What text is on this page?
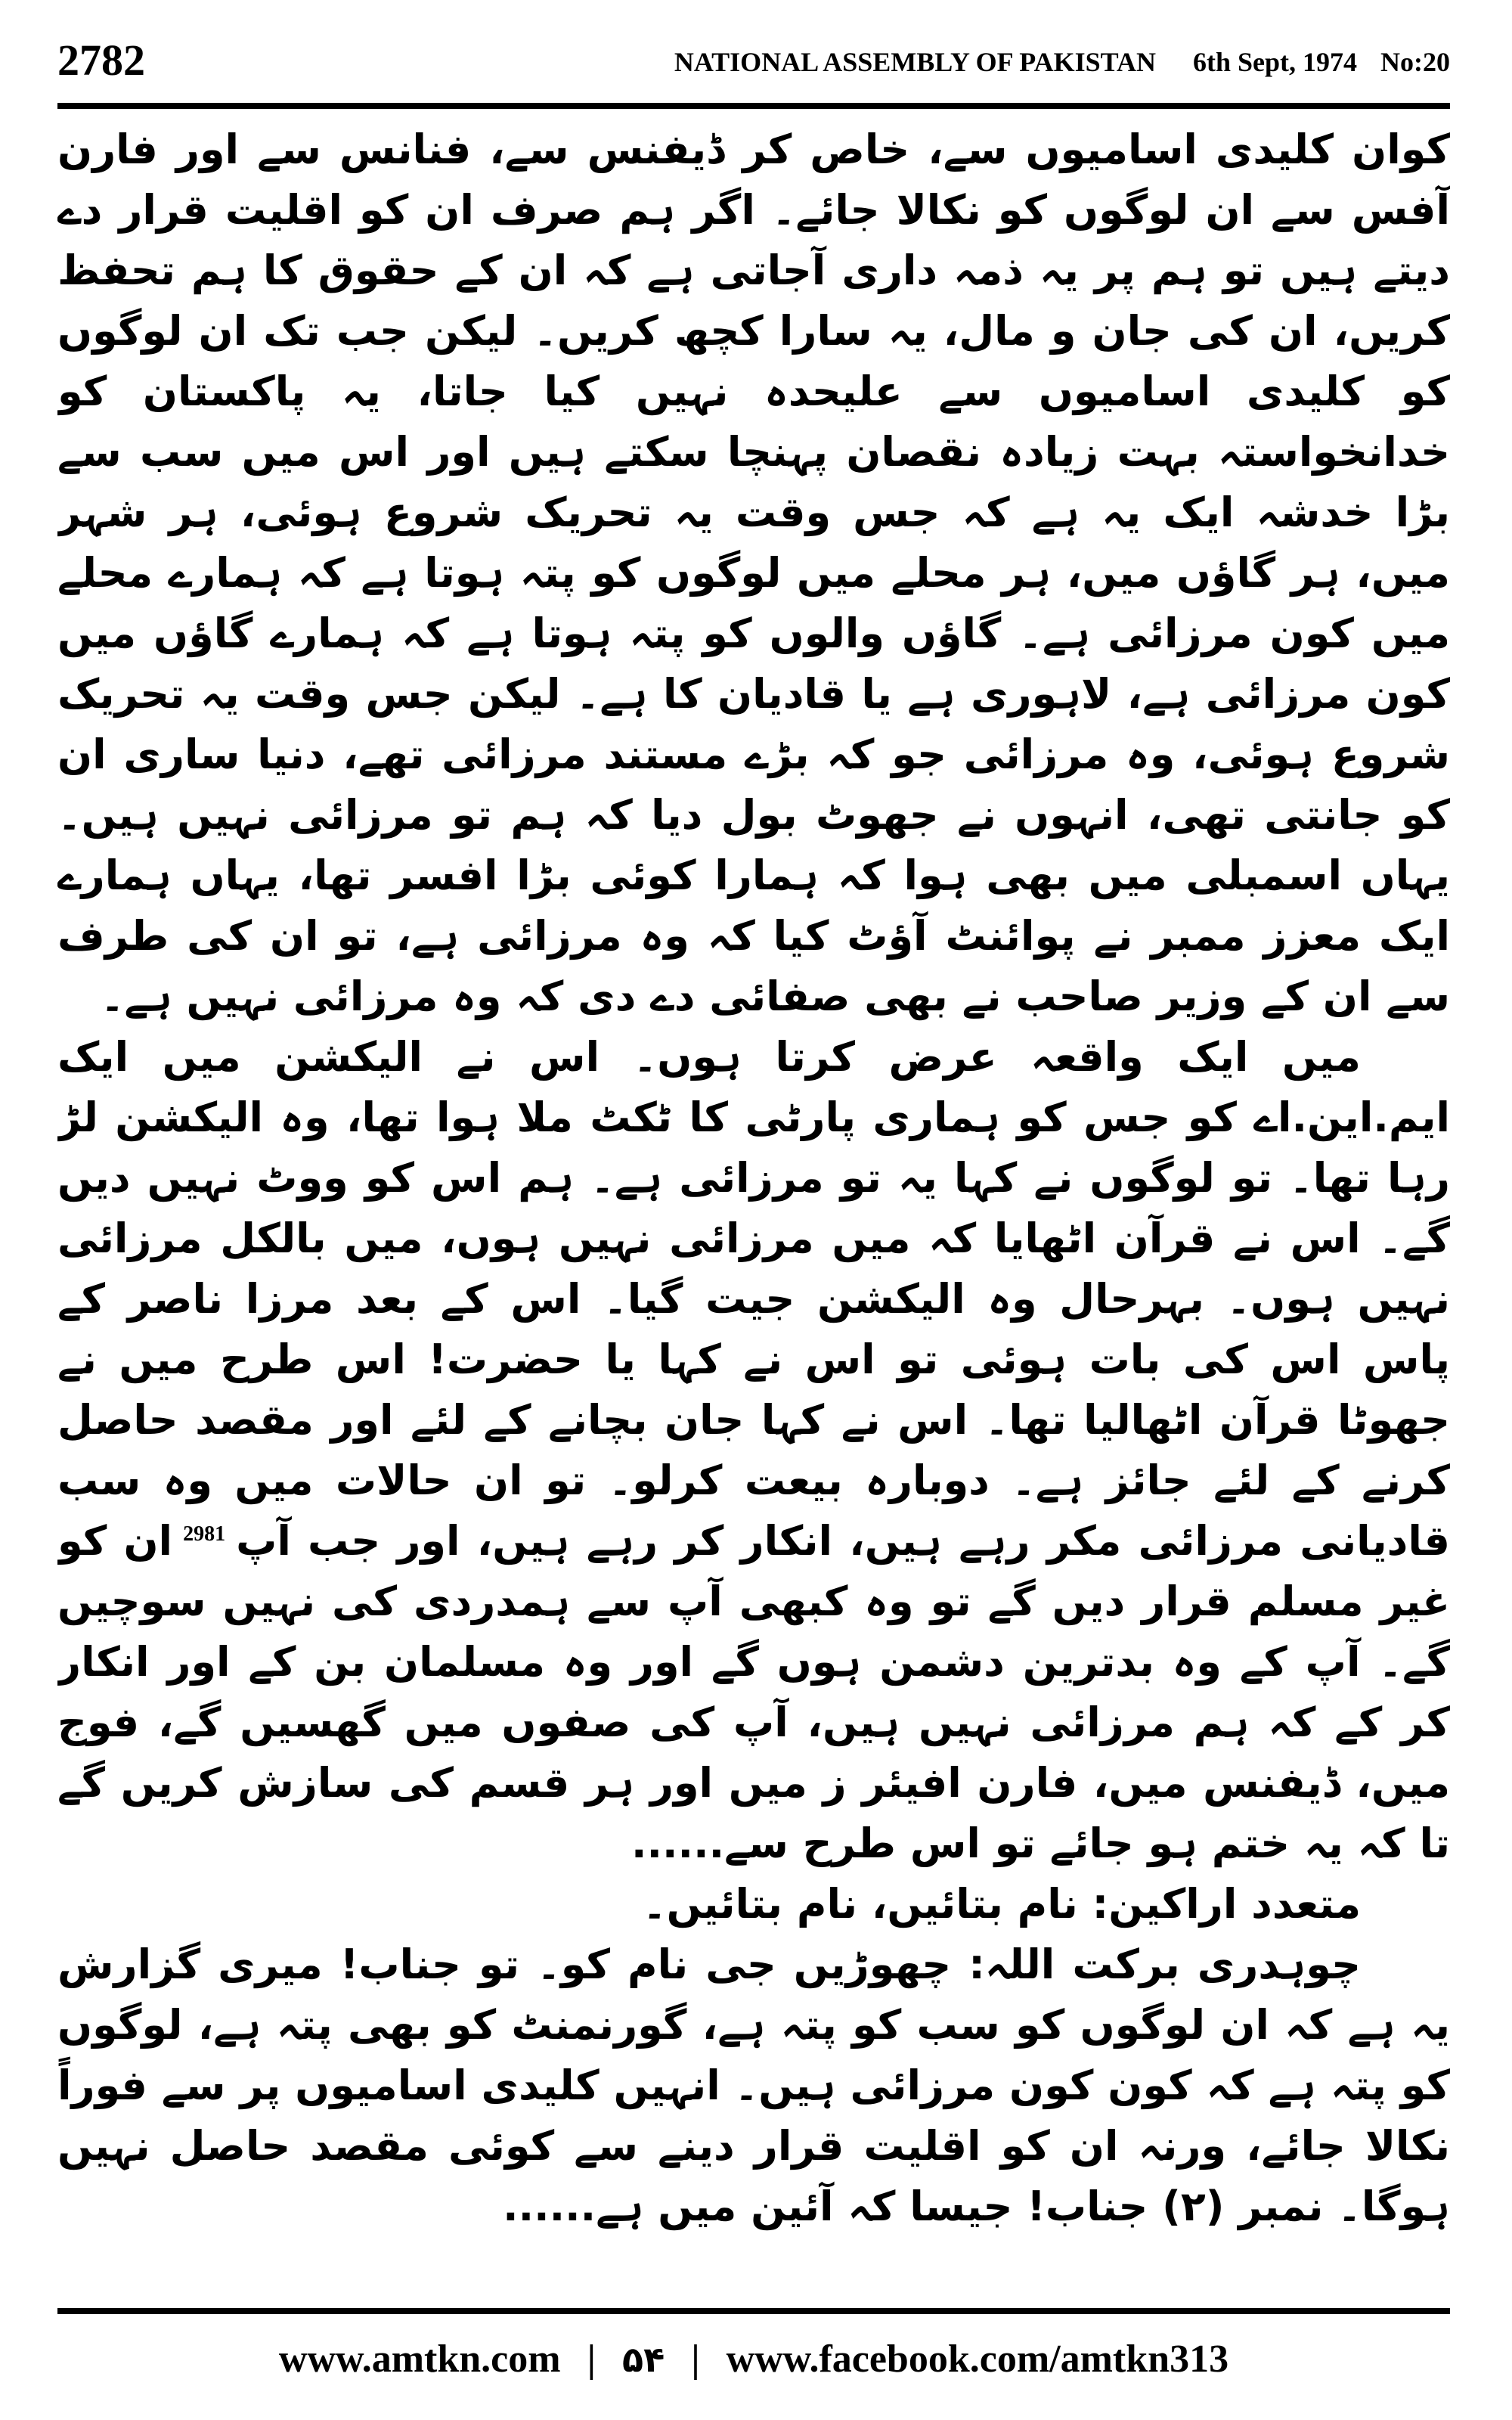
2782	NATIONAL ASSEMBLY OF PAKISTAN 6th Sept, 1974 No:20

کوان کلیدی اسامیوں سے، خاص کر ڈیفنس سے، فنانس سے اور فارن آفس سے ان لوگوں کو نکالا جائے۔ اگر ہم صرف ان کو اقلیت قرار دے دیتے ہیں تو ہم پر یہ ذمہ داری آجاتی ہے کہ ان کے حقوق کا ہم تحفظ کریں، ان کی جان و مال، یہ سارا کچھ کریں۔ لیکن جب تک ان لوگوں کو کلیدی اسامیوں سے علیحدہ نہیں کیا جاتا، یہ پاکستان کو خدانخواستہ بہت زیادہ نقصان پہنچا سکتے ہیں اور اس میں سب سے بڑا خدشہ ایک یہ ہے کہ جس وقت یہ تحریک شروع ہوئی، ہر شہر میں، ہر گاؤں میں، ہر محلے میں لوگوں کو پتہ ہوتا ہے کہ ہمارے محلے میں کون مرزائی ہے۔ گاؤں والوں کو پتہ ہوتا ہے کہ ہمارے گاؤں میں کون مرزائی ہے، لاہوری ہے یا قادیان کا ہے۔ لیکن جس وقت یہ تحریک شروع ہوئی، وہ مرزائی جو کہ بڑے مستند مرزائی تھے، دنیا ساری ان کو جانتی تھی، انہوں نے جھوٹ بول دیا کہ ہم تو مرزائی نہیں ہیں۔ یہاں اسمبلی میں بھی ہوا کہ ہمارا کوئی بڑا افسر تھا، یہاں ہمارے ایک معزز ممبر نے پوائنٹ آؤٹ کیا کہ وہ مرزائی ہے، تو ان کی طرف سے ان کے وزیر صاحب نے بھی صفائی دے دی کہ وہ مرزائی نہیں ہے۔

میں ایک واقعہ عرض کرتا ہوں۔ اس نے الیکشن میں ایک ایم.این.اے کو جس کو ہماری پارٹی کا ٹکٹ ملا ہوا تھا، وہ الیکشن لڑ رہا تھا۔ تو لوگوں نے کہا یہ تو مرزائی ہے۔ ہم اس کو ووٹ نہیں دیں گے۔ اس نے قرآن اٹھایا کہ میں مرزائی نہیں ہوں، میں بالکل مرزائی نہیں ہوں۔ بہرحال وہ الیکشن جیت گیا۔ اس کے بعد مرزا ناصر کے پاس اس کی بات ہوئی تو اس نے کہا یا حضرت! اس طرح میں نے جھوٹا قرآن اٹھالیا تھا۔ اس نے کہا جان بچانے کے لئے اور مقصد حاصل کرنے کے لئے جائز ہے۔ دوبارہ بیعت کرلو۔ تو ان حالات میں وہ سب قادیانی مرزائی مکر رہے ہیں، انکار کر رہے ہیں، اور جب آپ$^{2981}$ان کو غیر مسلم قرار دیں گے تو وہ کبھی آپ سے ہمدردی کی نہیں سوچیں گے۔ آپ کے وہ بدترین دشمن ہوں گے اور وہ مسلمان بن کے اور انکار کر کے کہ ہم مرزائی نہیں ہیں، آپ کی صفوں میں گھسیں گے، فوج میں، ڈیفنس میں، فارن افیئر ز میں اور ہر قسم کی سازش کریں گے تا کہ یہ ختم ہو جائے تو اس طرح سے......

متعدد اراکین: نام بتائیں، نام بتائیں۔

چوہدری برکت اللہ: چھوڑیں جی نام کو۔ تو جناب! میری گزارش یہ ہے کہ ان لوگوں کو سب کو پتہ ہے، گورنمنٹ کو بھی پتہ ہے، لوگوں کو پتہ ہے کہ کون کون مرزائی ہیں۔ انہیں کلیدی اسامیوں پر سے فوراً نکالا جائے، ورنہ ان کو اقلیت قرار دینے سے کوئی مقصد حاصل نہیں ہوگا۔ نمبر (۲) جناب! جیسا کہ آئین میں ہے......

www.amtkn.com | ۵۴ | www.facebook.com/amtkn313
